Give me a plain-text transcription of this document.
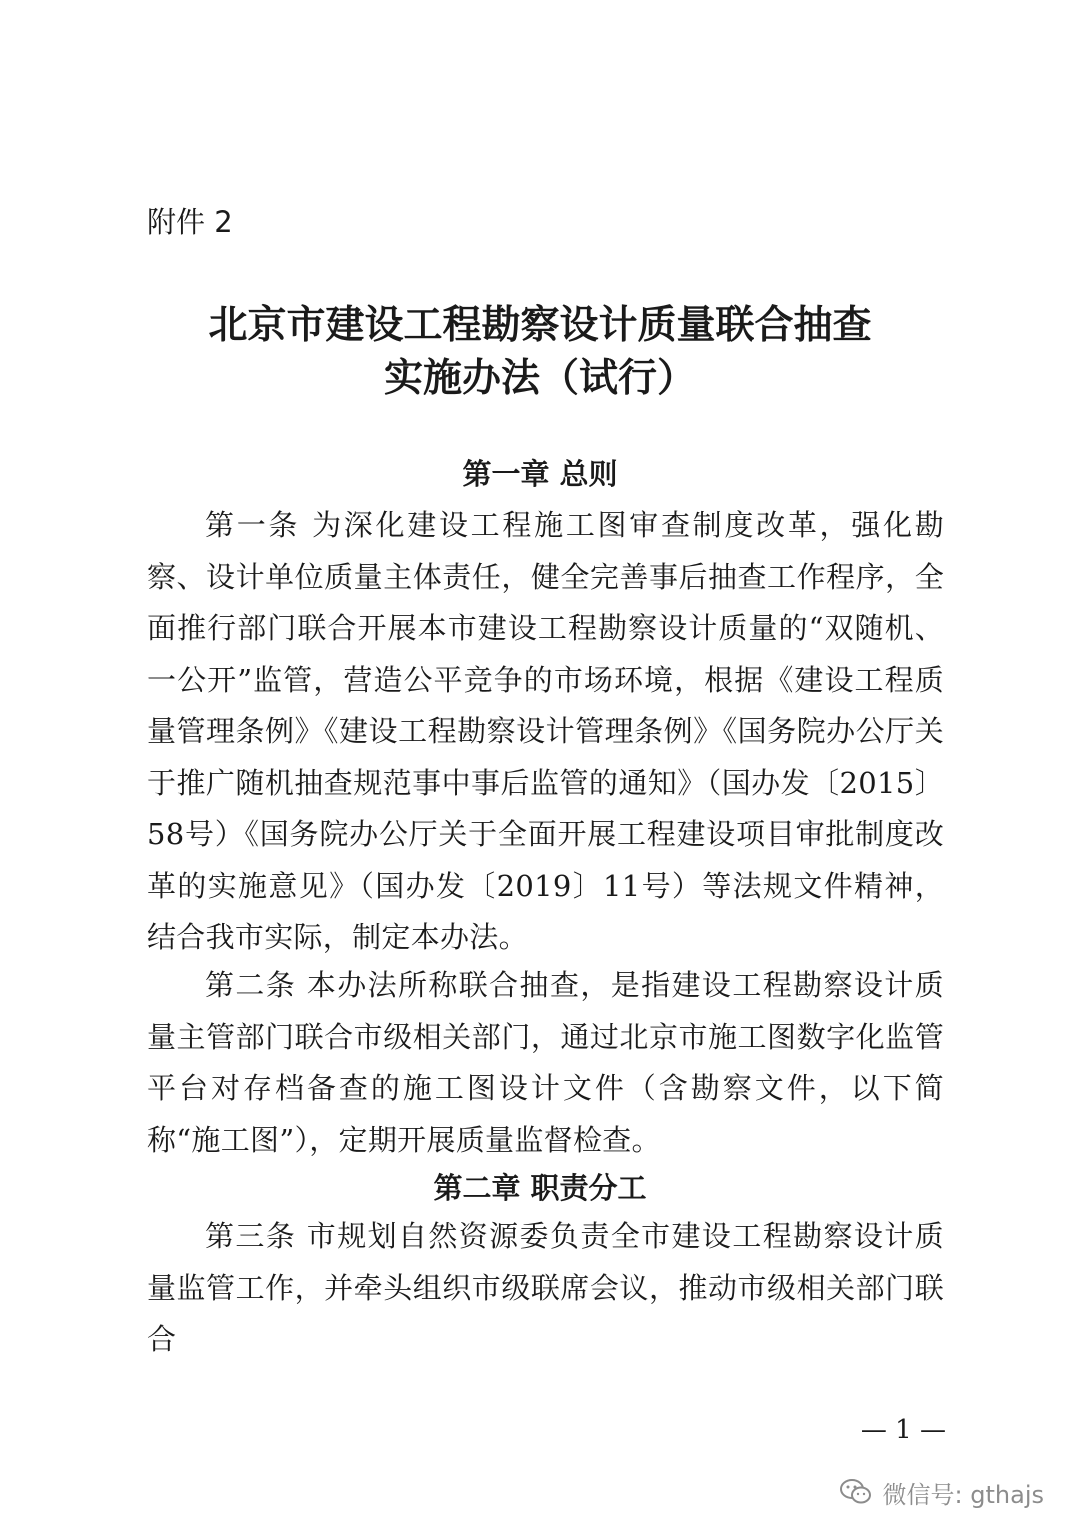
附件 2

北京市建设工程勘察设计质量联合抽查
实施办法（试行）
第一章 总则

第一条 为深化建设工程施工图审查制度改革，强化勘察、设计单位质量主体责任，健全完善事后抽查工作程序，全面推行部门联合开展本市建设工程勘察设计质量的“双随机、一公开”监管，营造公平竞争的市场环境，根据《建设工程质量管理条例》《建设工程勘察设计管理条例》《国务院办公厅关于推广随机抽查规范事中事后监管的通知》（国办发〔2015〕58号）《国务院办公厅关于全面开展工程建设项目审批制度改革的实施意见》（国办发〔2019〕11号）等法规文件精神，结合我市实际，制定本办法。

第二条 本办法所称联合抽查，是指建设工程勘察设计质量主管部门联合市级相关部门，通过北京市施工图数字化监管平台对存档备查的施工图设计文件（含勘察文件，以下简称“施工图”），定期开展质量监督检查。

第二章 职责分工

第三条 市规划自然资源委负责全市建设工程勘察设计质量监管工作，并牵头组织市级联席会议，推动市级相关部门联合

— 1 —

微信号: gthajs
